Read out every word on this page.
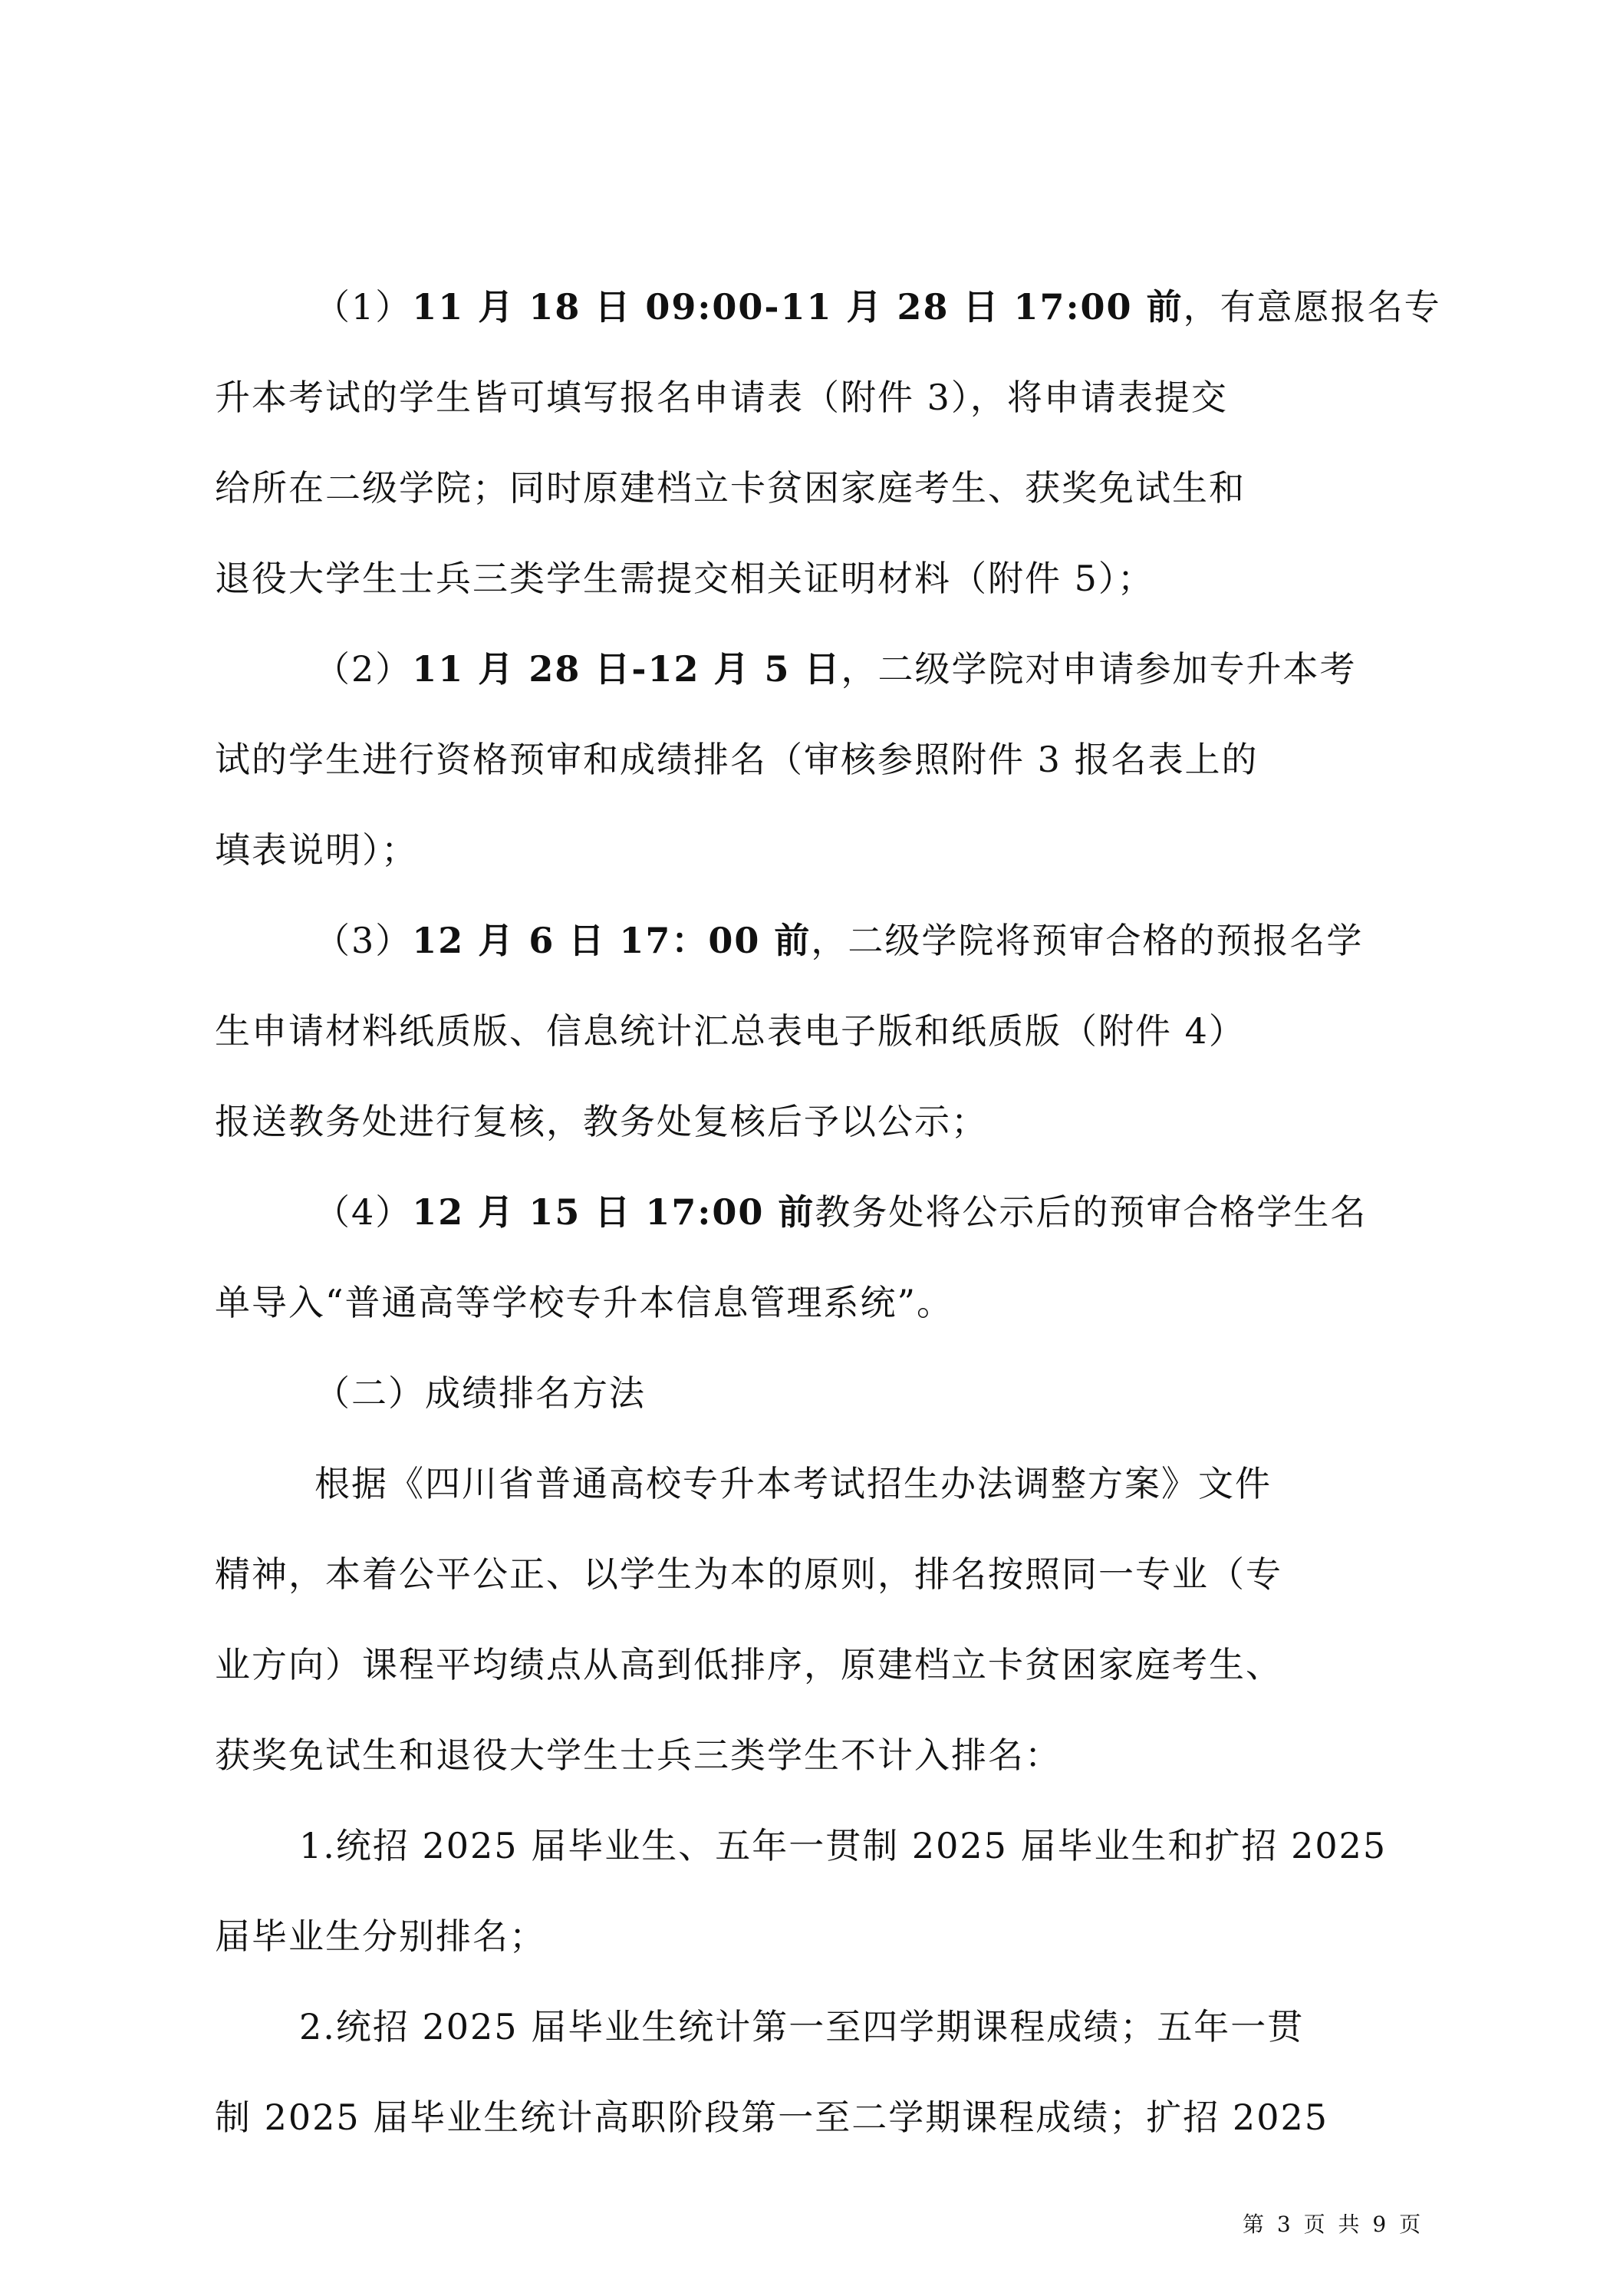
（1）11 月 18 日 09:00-11 月 28 日 17:00 前，有意愿报名专
升本考试的学生皆可填写报名申请表（附件 3），将申请表提交
给所在二级学院；同时原建档立卡贫困家庭考生、获奖免试生和
退役大学生士兵三类学生需提交相关证明材料（附件 5）；
（2）11 月 28 日-12 月 5 日，二级学院对申请参加专升本考
试的学生进行资格预审和成绩排名（审核参照附件 3 报名表上的
填表说明）；
（3）12 月 6 日 17：00 前，二级学院将预审合格的预报名学
生申请材料纸质版、信息统计汇总表电子版和纸质版（附件 4）
报送教务处进行复核，教务处复核后予以公示；
（4）12 月 15 日 17:00 前教务处将公示后的预审合格学生名
单导入“普通高等学校专升本信息管理系统”。
（二）成绩排名方法
根据《四川省普通高校专升本考试招生办法调整方案》文件
精神，本着公平公正、以学生为本的原则，排名按照同一专业（专
业方向）课程平均绩点从高到低排序，原建档立卡贫困家庭考生、
获奖免试生和退役大学生士兵三类学生不计入排名：
1.统招 2025 届毕业生、五年一贯制 2025 届毕业生和扩招 2025
届毕业生分别排名；
2.统招 2025 届毕业生统计第一至四学期课程成绩；五年一贯
制 2025 届毕业生统计高职阶段第一至二学期课程成绩；扩招 2025
第 3 页 共 9 页
